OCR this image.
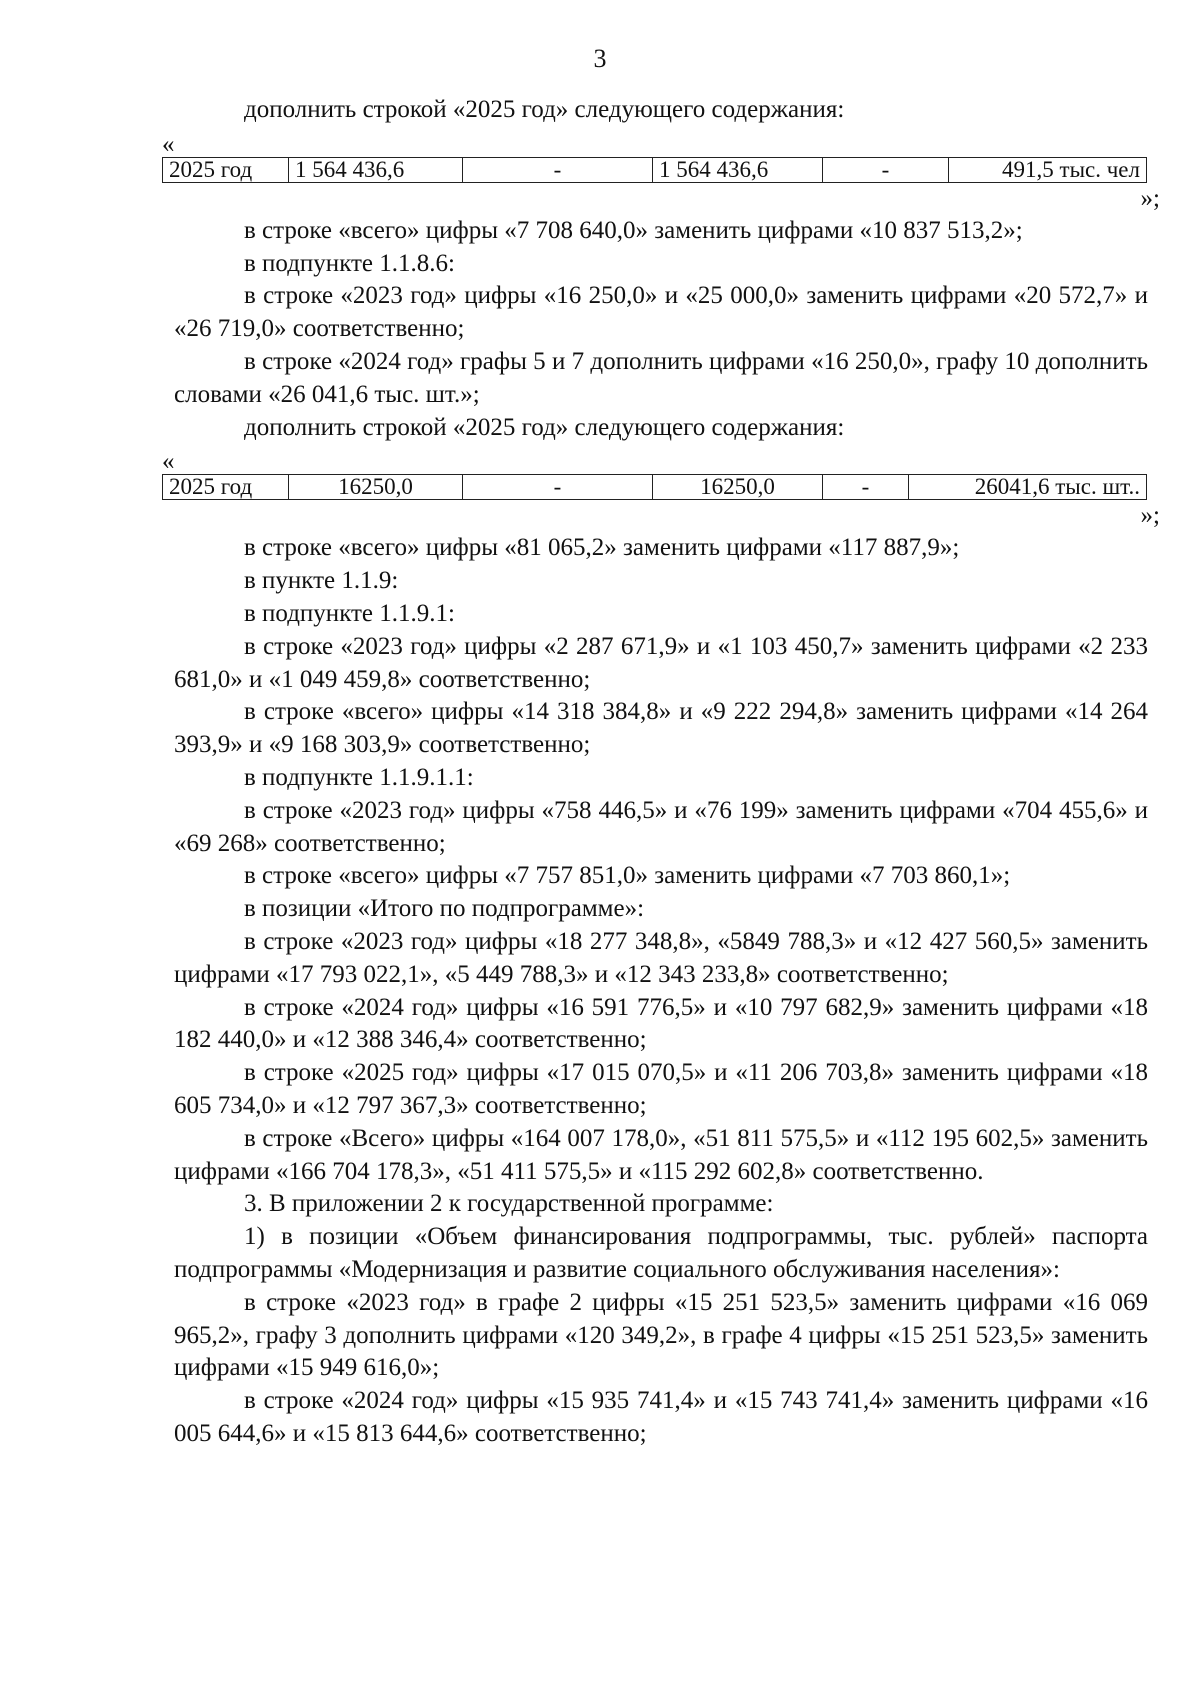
3

дополнить строкой «2025 год» следующего содержания:

«
2025 год	1 564 436,6	-	1 564 436,6	-	491,5 тыс. чел
»;

в строке «всего» цифры «7 708 640,0» заменить цифрами «10 837 513,2»;

в подпункте 1.1.8.6:

в строке «2023 год» цифры «16 250,0» и «25 000,0» заменить цифрами «20 572,7» и «26 719,0» соответственно;

в строке «2024 год» графы 5 и 7 дополнить цифрами «16 250,0», графу 10 дополнить словами «26 041,6 тыс. шт.»;

дополнить строкой «2025 год» следующего содержания:

«
2025 год	16250,0	-	16250,0	-	26041,6 тыс. шт..
»;

в строке «всего» цифры «81 065,2» заменить цифрами «117 887,9»;

в пункте 1.1.9:

в подпункте 1.1.9.1:

в строке «2023 год» цифры «2 287 671,9» и «1 103 450,7» заменить цифрами «2 233 681,0» и «1 049 459,8» соответственно;

в строке «всего» цифры «14 318 384,8» и «9 222 294,8» заменить цифрами «14 264 393,9» и «9 168 303,9» соответственно;

в подпункте 1.1.9.1.1:

в строке «2023 год» цифры «758 446,5» и «76 199» заменить цифрами «704 455,6» и «69 268» соответственно;

в строке «всего» цифры «7 757 851,0» заменить цифрами «7 703 860,1»;

в позиции «Итого по подпрограмме»:

в строке «2023 год» цифры «18 277 348,8», «5849 788,3» и «12 427 560,5» заменить цифрами «17 793 022,1», «5 449 788,3» и «12 343 233,8» соответственно;

в строке «2024 год» цифры «16 591 776,5» и «10 797 682,9» заменить цифрами «18 182 440,0» и «12 388 346,4» соответственно;

в строке «2025 год» цифры «17 015 070,5» и «11 206 703,8» заменить цифрами «18 605 734,0» и «12 797 367,3» соответственно;

в строке «Всего» цифры «164 007 178,0», «51 811 575,5» и «112 195 602,5» заменить цифрами «166 704 178,3», «51 411 575,5» и «115 292 602,8» соответственно.

3. В приложении 2 к государственной программе:

1) в позиции «Объем финансирования подпрограммы, тыс. рублей» паспорта подпрограммы «Модернизация и развитие социального обслуживания населения»:

в строке «2023 год» в графе 2 цифры «15 251 523,5» заменить цифрами «16 069 965,2», графу 3 дополнить цифрами «120 349,2», в графе 4 цифры «15 251 523,5» заменить цифрами «15 949 616,0»;

в строке «2024 год» цифры «15 935 741,4» и «15 743 741,4» заменить цифрами «16 005 644,6» и «15 813 644,6» соответственно;
